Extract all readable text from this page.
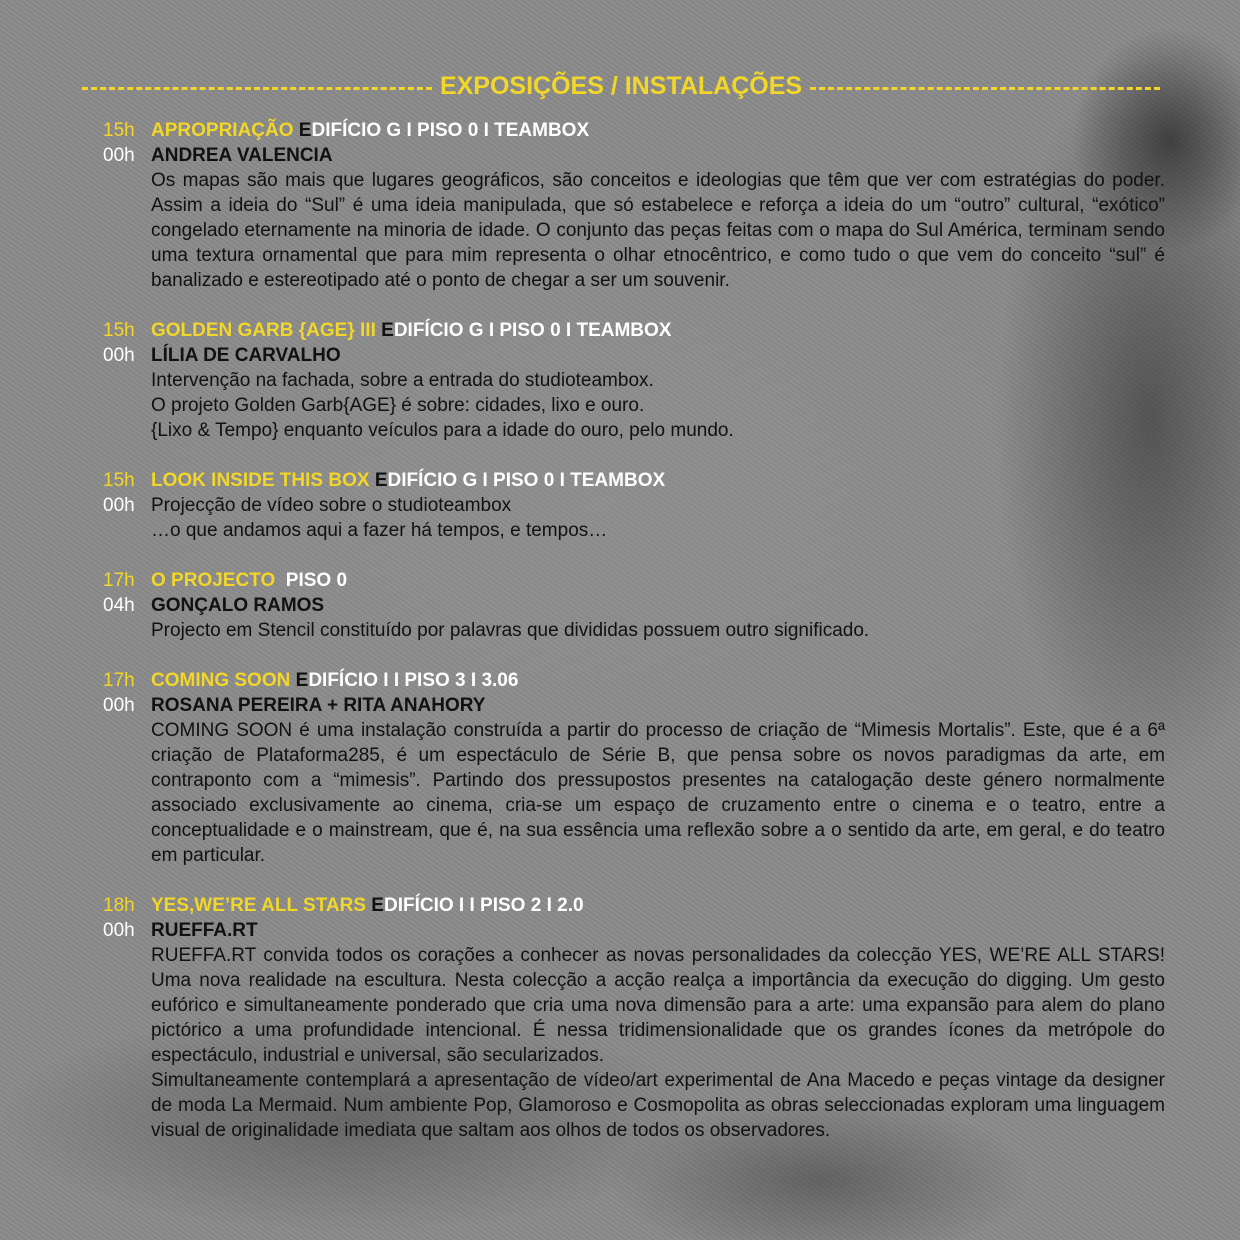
EXPOSIÇÕES / INSTALAÇÕES
15h
00h
APROPRIAÇÃO EDIFÍCIO G I PISO 0 I TEAMBOX
ANDREA VALENCIA
Os mapas são mais que lugares geográficos, são conceitos e ideologias que têm que ver com estratégias do poder. Assim a ideia do “Sul” é uma ideia manipulada, que só estabelece e reforça a ideia do um “outro” cultural, “exótico” congelado eternamente na minoria de idade. O conjunto das peças feitas com o mapa do Sul América, terminam sendo uma textura ornamental que para mim representa o olhar etnocêntrico, e como tudo o que vem do conceito “sul” é banalizado e estereotipado até o ponto de chegar a ser um souvenir.
15h
00h
GOLDEN GARB {AGE} III EDIFÍCIO G I PISO 0 I TEAMBOX
LÍLIA DE CARVALHO
Intervenção na fachada, sobre a entrada do studioteambox.
O projeto Golden Garb{AGE} é sobre: cidades, lixo e ouro.
{Lixo & Tempo} enquanto veículos para a idade do ouro, pelo mundo.
15h
00h
LOOK INSIDE THIS BOX EDIFÍCIO G I PISO 0 I TEAMBOX
Projecção de vídeo sobre o studioteambox
…o que andamos aqui a fazer há tempos, e tempos…
17h
04h
O PROJECTO PISO 0
GONÇALO RAMOS
Projecto em Stencil constituído por palavras que divididas possuem outro significado.
17h
00h
COMING SOON EDIFÍCIO I I PISO 3 I 3.06
ROSANA PEREIRA + RITA ANAHORY
COMING SOON é uma instalação construída a partir do processo de criação de “Mimesis Mortalis”. Este, que é a 6ª criação de Plataforma285, é um espectáculo de Série B, que pensa sobre os novos paradigmas da arte, em contraponto com a “mimesis”. Partindo dos pressupostos presentes na catalogação deste género normalmente associado exclusivamente ao cinema, cria-se um espaço de cruzamento entre o cinema e o teatro, entre a conceptualidade e o mainstream, que é, na sua essência uma reflexão sobre a o sentido da arte, em geral, e do teatro em particular.
18h
00h
YES,WE’RE ALL STARS EDIFÍCIO I I PISO 2 I 2.0
RUEFFA.RT

RUEFFA.RT convida todos os corações a conhecer as novas personalidades da colecção YES, WE’RE ALL STARS! Uma nova realidade na escultura. Nesta colecção a acção realça a importância da execução do digging. Um gesto eufórico e simultaneamente ponderado que cria uma nova dimensão para a arte: uma expansão para alem do plano pictórico a uma profundidade intencional. É nessa tridimensionalidade que os grandes ícones da metrópole do espectáculo, industrial e universal, são secularizados.

Simultaneamente contemplará a apresentação de vídeo/art experimental de Ana Macedo e peças vintage da designer de moda La Mermaid. Num ambiente Pop, Glamoroso e Cosmopolita as obras seleccionadas exploram uma linguagem visual de originalidade imediata que saltam aos olhos de todos os observadores.
